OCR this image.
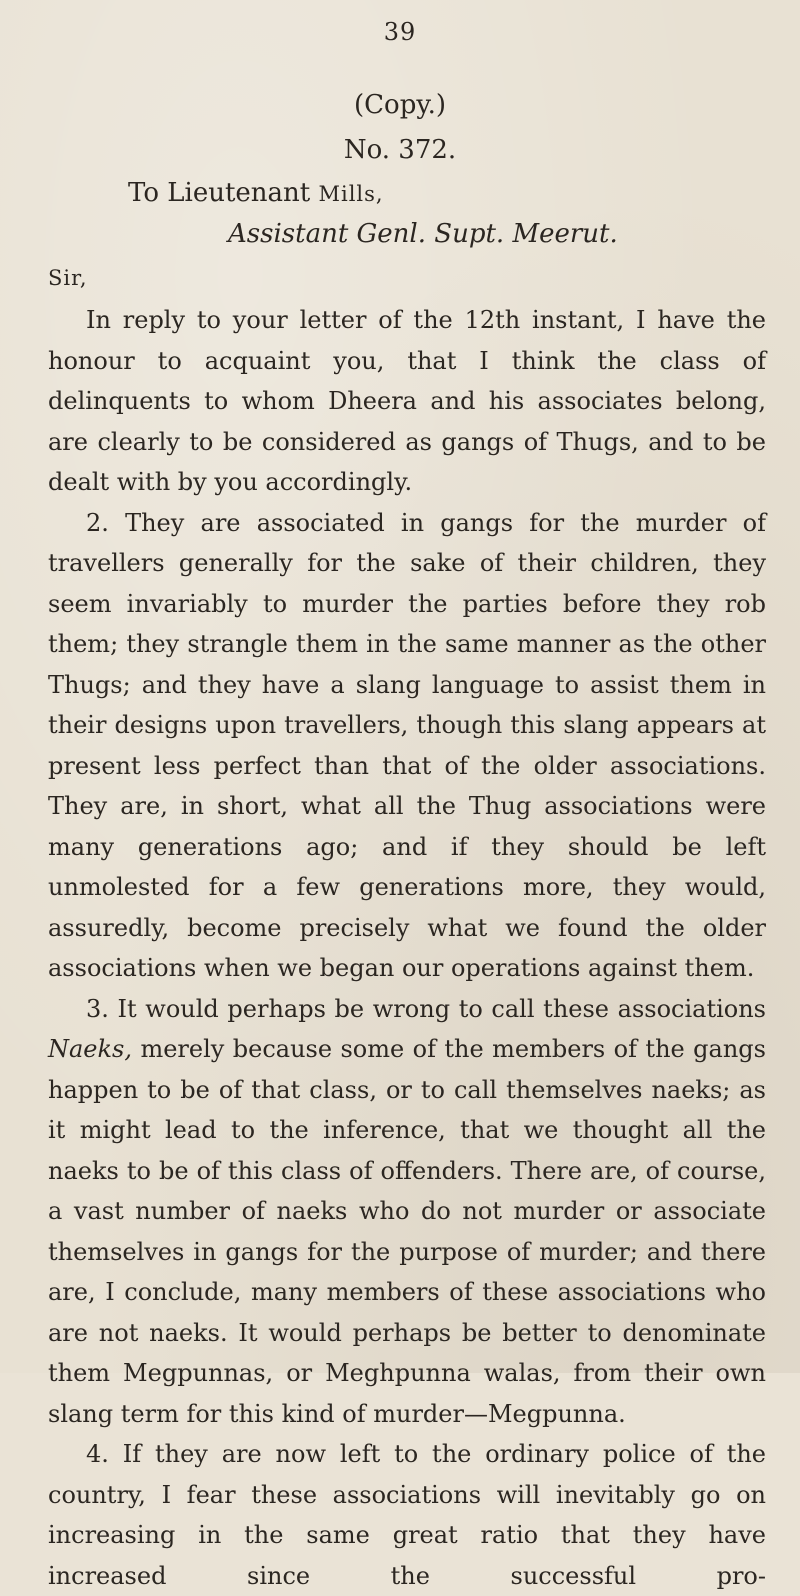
39
(Copy.)
No. 372.
To Lieutenant Mills,
Assistant Genl. Supt. Meerut.
Sir,

In reply to your letter of the 12th instant, I have the honour to acquaint you, that I think the class of delinquents to whom Dheera and his associates belong, are clearly to be considered as gangs of Thugs, and to be dealt with by you accordingly.

2. They are associated in gangs for the murder of travellers generally for the sake of their children, they seem invariably to murder the parties before they rob them; they strangle them in the same manner as the other Thugs; and they have a slang language to assist them in their designs upon travellers, though this slang appears at present less perfect than that of the older associations. They are, in short, what all the Thug associations were many generations ago; and if they should be left unmolested for a few generations more, they would, assuredly, become precisely what we found the older associations when we began our operations against them.

3. It would perhaps be wrong to call these associations Naeks, merely because some of the members of the gangs happen to be of that class, or to call themselves naeks; as it might lead to the inference, that we thought all the naeks to be of this class of offenders. There are, of course, a vast number of naeks who do not murder or associate themselves in gangs for the purpose of murder; and there are, I conclude, many members of these associations who are not naeks. It would perhaps be better to denominate them Megpunnas, or Meghpunna walas, from their own slang term for this kind of murder—Megpunna.

4. If they are now left to the ordinary police of the country, I fear these associations will inevitably go on increasing in the same great ratio that they have increased since the successful pro-
